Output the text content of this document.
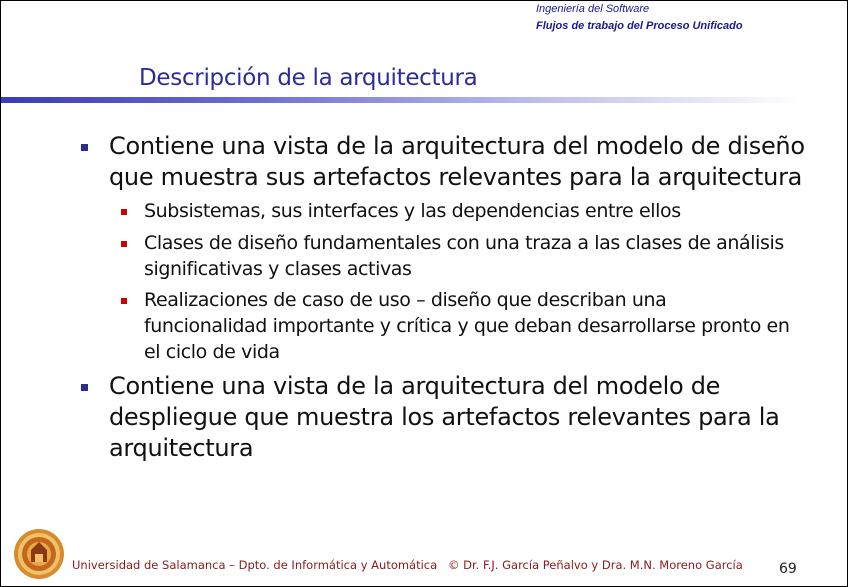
Ingeniería del Software
Flujos de trabajo del Proceso Unificado
Descripción de la arquitectura
Contiene una vista de la arquitectura del modelo de diseño
que muestra sus artefactos relevantes para la arquitectura
Subsistemas, sus interfaces y las dependencias entre ellos
Clases de diseño fundamentales con una traza a las clases de análisis
significativas y clases activas
Realizaciones de caso de uso – diseño que describan una
funcionalidad importante y crítica y que deban desarrollarse pronto en
el ciclo de vida
Contiene una vista de la arquitectura del modelo de
despliegue que muestra los artefactos relevantes para la
arquitectura
Universidad de Salamanca – Dpto. de Informática y Automática © Dr. F.J. García Peñalvo y Dra. M.N. Moreno García	69
